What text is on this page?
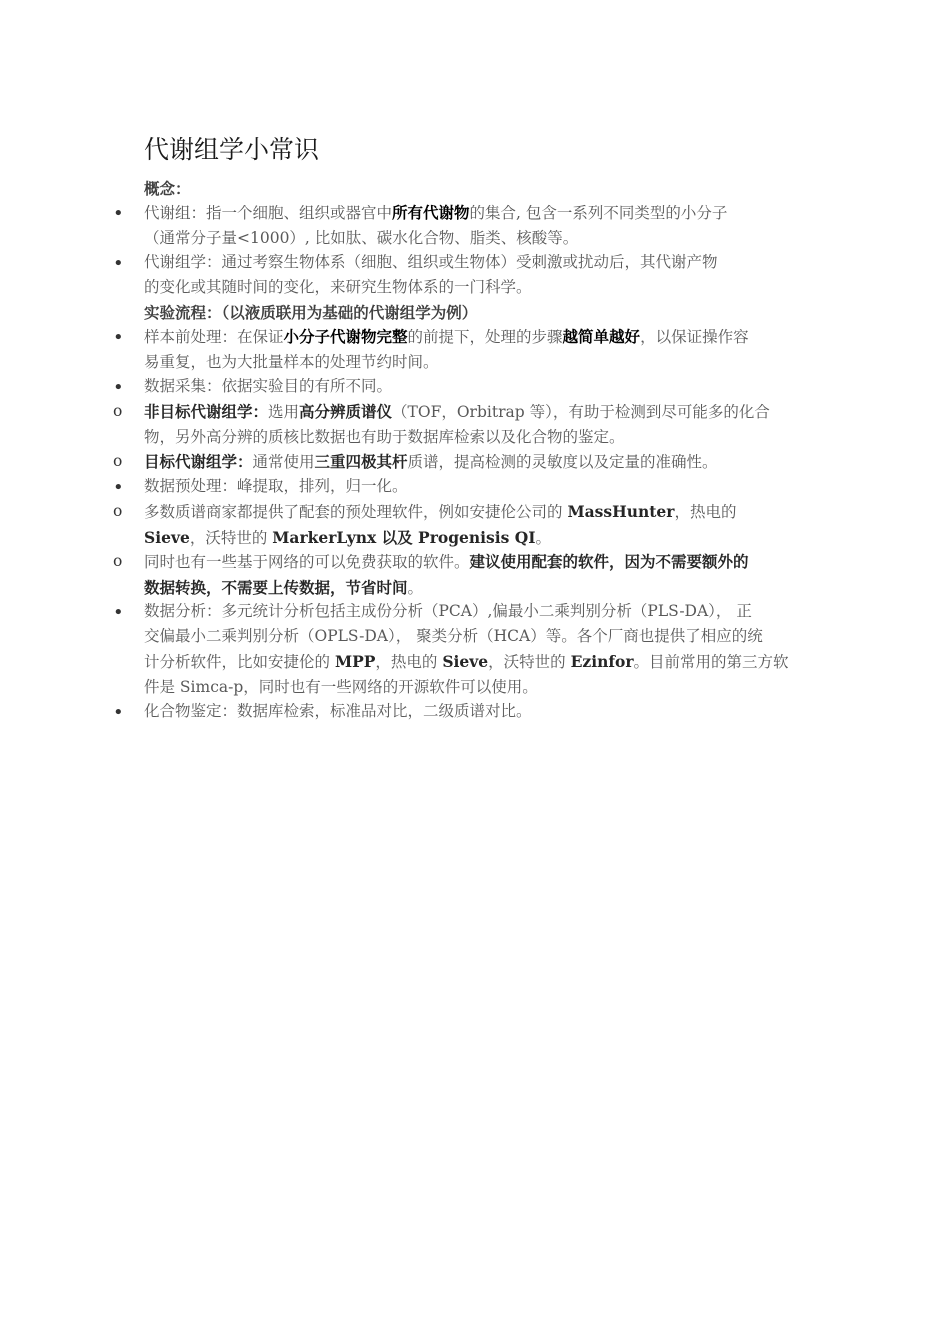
代谢组学小常识
概念：
• 代谢组：指一个细胞、组织或器官中所有代谢物的集合, 包含一系列不同类型的小分子
（通常分子量<1000）, 比如肽、碳水化合物、脂类、核酸等。
• 代谢组学：通过考察生物体系（细胞、组织或生物体）受刺激或扰动后，其代谢产物
的变化或其随时间的变化，来研究生物体系的一门科学。
实验流程：（以液质联用为基础的代谢组学为例）
• 样本前处理：在保证小分子代谢物完整的前提下，处理的步骤越简单越好，以保证操作容
易重复，也为大批量样本的处理节约时间。
• 数据采集：依据实验目的有所不同。
o 非目标代谢组学：选用高分辨质谱仪（TOF，Orbitrap 等），有助于检测到尽可能多的化合
物，另外高分辨的质核比数据也有助于数据库检索以及化合物的鉴定。
o 目标代谢组学：通常使用三重四极其杆质谱，提高检测的灵敏度以及定量的准确性。
• 数据预处理：峰提取，排列，归一化。
o 多数质谱商家都提供了配套的预处理软件，例如安捷伦公司的 MassHunter，热电的
Sieve，沃特世的 MarkerLynx 以及 Progenisis QI。
o 同时也有一些基于网络的可以免费获取的软件。建议使用配套的软件，因为不需要额外的
数据转换，不需要上传数据，节省时间。
• 数据分析：多元统计分析包括主成份分析（PCA）,偏最小二乘判别分析（PLS-DA）， 正
交偏最小二乘判别分析（OPLS-DA）， 聚类分析（HCA）等。各个厂商也提供了相应的统
计分析软件，比如安捷伦的 MPP，热电的 Sieve，沃特世的 Ezinfor。目前常用的第三方软
件是 Simca-p，同时也有一些网络的开源软件可以使用。
• 化合物鉴定：数据库检索，标准品对比，二级质谱对比。
